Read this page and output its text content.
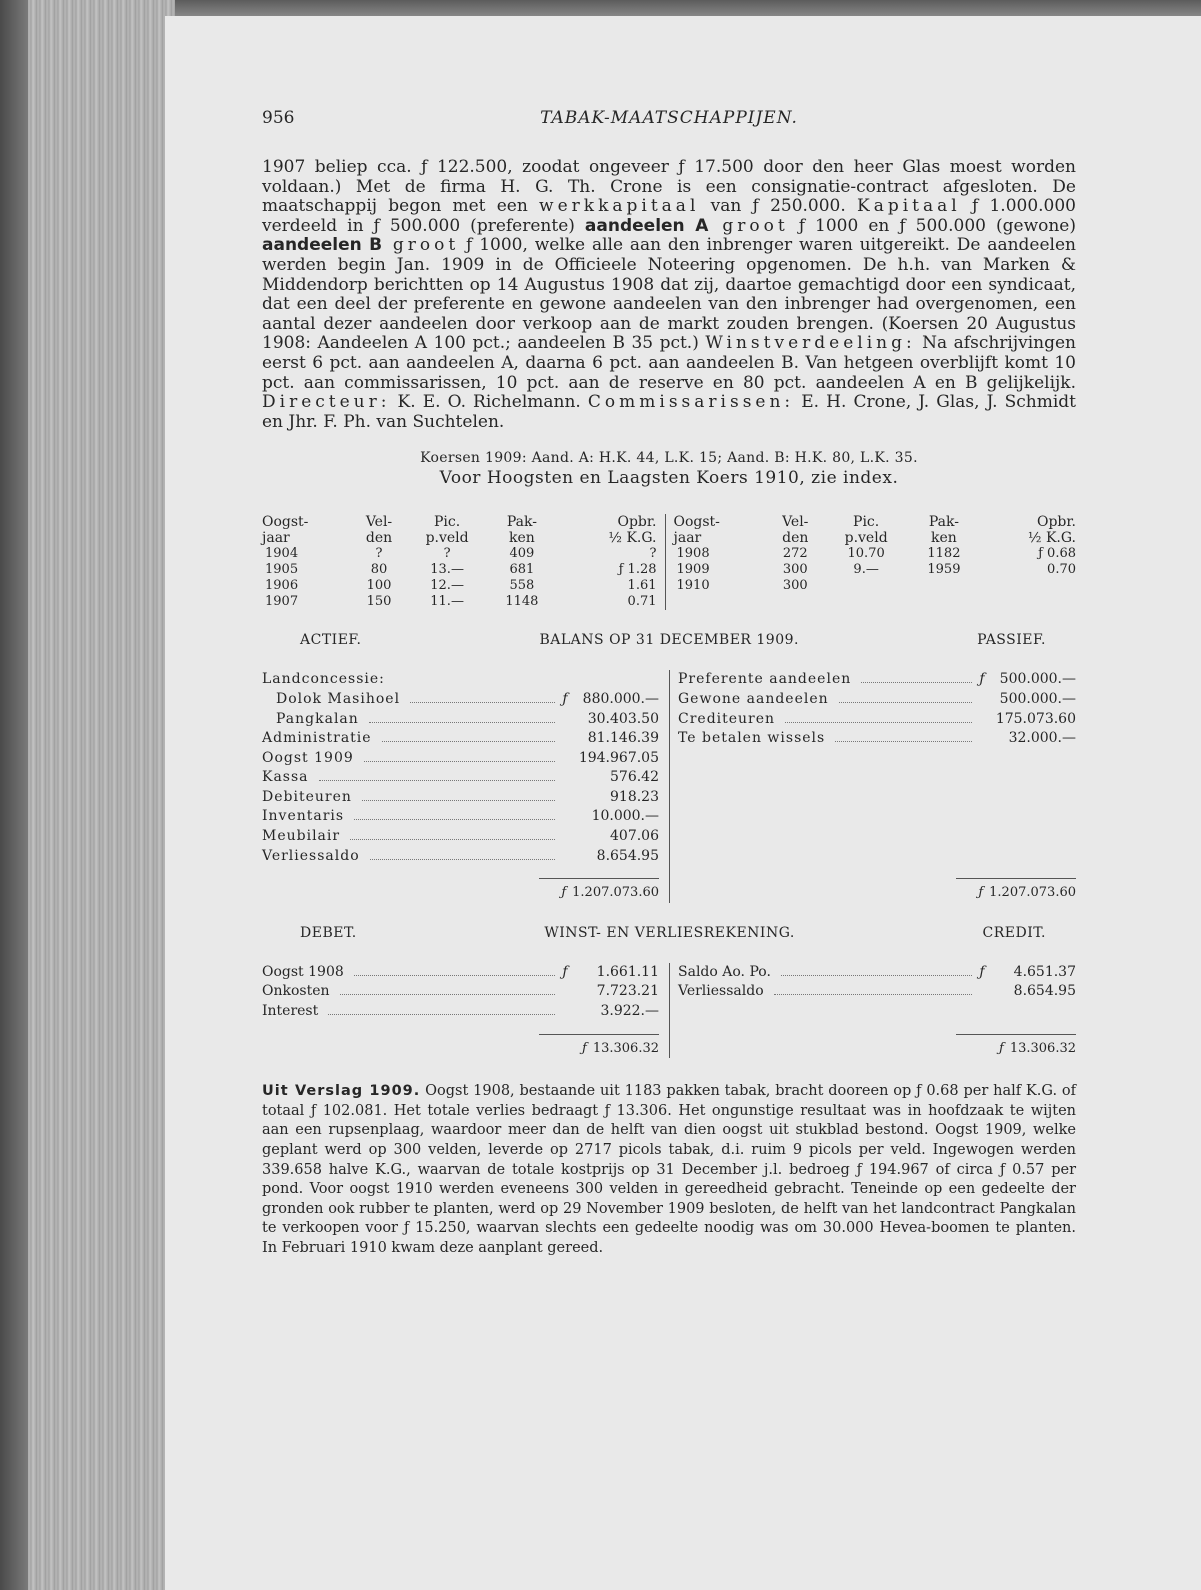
956	TABAK-MAATSCHAPPIJEN.

1907 beliep cca. ƒ 122.500, zoodat ongeveer ƒ 17.500 door den heer Glas moest worden voldaan.) Met de firma H. G. Th. Crone is een consignatie-contract afgesloten. De maatschappij begon met een werkkapitaal van ƒ 250.000. Kapitaal ƒ 1.000.000 verdeeld in ƒ 500.000 (preferente) aandeelen A groot ƒ 1000 en ƒ 500.000 (gewone) aandeelen B groot ƒ 1000, welke alle aan den inbrenger waren uitgereikt. De aandeelen werden begin Jan. 1909 in de Officieele Noteering opgenomen. De h.h. van Marken & Middendorp berichtten op 14 Augustus 1908 dat zij, daartoe gemachtigd door een syndicaat, dat een deel der preferente en gewone aandeelen van den inbrenger had overgenomen, een aantal dezer aandeelen door verkoop aan de markt zouden brengen. (Koersen 20 Augustus 1908: Aandeelen A 100 pct.; aandeelen B 35 pct.) Winstverdeeling: Na afschrijvingen eerst 6 pct. aan aandeelen A, daarna 6 pct. aan aandeelen B. Van hetgeen overblijft komt 10 pct. aan commissarissen, 10 pct. aan de reserve en 80 pct. aandeelen A en B gelijkelijk. Directeur: K. E. O. Richelmann. Commissarissen: E. H. Crone, J. Glas, J. Schmidt en Jhr. F. Ph. van Suchtelen.

Koersen 1909: Aand. A: H.K. 44, L.K. 15; Aand. B: H.K. 80, L.K. 35.
Voor Hoogsten en Laagsten Koers 1910, zie index.
Oogst-	Vel-	Pic.	Pak-	Opbr.
jaar	den	p.veld	ken	½ K.G.
1904	?	?	409	?
1905	80	13.—	681	ƒ 1.28
1906	100	12.—	558	1.61
1907	150	11.—	1148	0.71
Oogst-	Vel-	Pic.	Pak-	Opbr.
jaar	den	p.veld	ken	½ K.G.
1908	272	10.70	1182	ƒ 0.68
1909	300	9.—	1959	0.70
1910	300			

ACTIEF.	BALANS OP 31 DECEMBER 1909.	PASSIEF.
Landconcessie:
Dolok Masihoel	ƒ	880.000.—
Pangkalan	30.403.50
Administratie	81.146.39
Oogst 1909	194.967.05
Kassa	576.42
Debiteuren	918.23
Inventaris	10.000.—
Meubilair	407.06
Verliessaldo	8.654.95
ƒ 1.207.073.60
Preferente aandeelen	ƒ	500.000.—
Gewone aandeelen	500.000.—
Crediteuren	175.073.60
Te betalen wissels	32.000.—
ƒ 1.207.073.60
DEBET.	WINST- EN VERLIESREKENING.	CREDIT.
Oogst 1908	ƒ	1.661.11
Onkosten	7.723.21
Interest	3.922.—
ƒ 13.306.32
Saldo Ao. Po.	ƒ	4.651.37
Verliessaldo	8.654.95
ƒ 13.306.32
Uit Verslag 1909. Oogst 1908, bestaande uit 1183 pakken tabak, bracht dooreen op ƒ 0.68 per half K.G. of totaal ƒ 102.081. Het totale verlies bedraagt ƒ 13.306. Het ongunstige resultaat was in hoofdzaak te wijten aan een rupsenplaag, waardoor meer dan de helft van dien oogst uit stukblad bestond. Oogst 1909, welke geplant werd op 300 velden, leverde op 2717 picols tabak, d.i. ruim 9 picols per veld. Ingewogen werden 339.658 halve K.G., waarvan de totale kostprijs op 31 December j.l. bedroeg ƒ 194.967 of circa ƒ 0.57 per pond. Voor oogst 1910 werden eveneens 300 velden in gereedheid gebracht. Teneinde op een gedeelte der gronden ook rubber te planten, werd op 29 November 1909 besloten, de helft van het landcontract Pangkalan te verkoopen voor ƒ 15.250, waarvan slechts een gedeelte noodig was om 30.000 Hevea-boomen te planten. In Februari 1910 kwam deze aanplant gereed.
